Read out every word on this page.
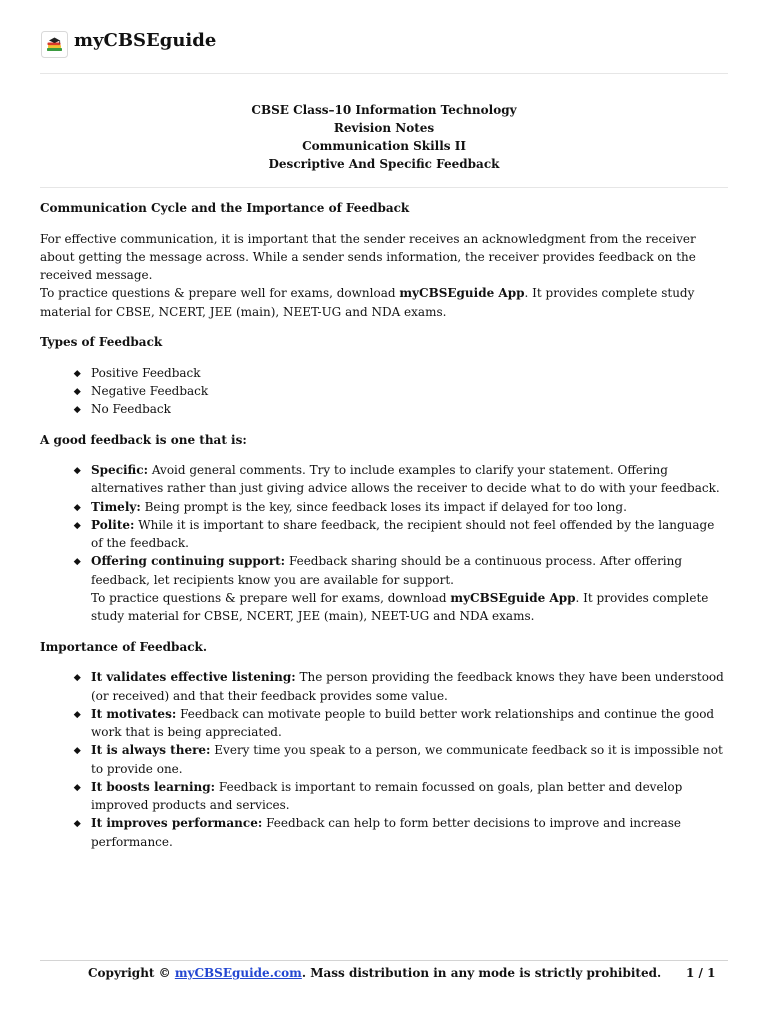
myCBSEguide
CBSE Class–10 Information Technology
Revision Notes
Communication Skills II
Descriptive And Specific Feedback
Communication Cycle and the Importance of Feedback
For effective communication, it is important that the sender receives an acknowledgment from the receiver
about getting the message across. While a sender sends information, the receiver provides feedback on the
received message.
To practice questions & prepare well for exams, download myCBSEguide App. It provides complete study
material for CBSE, NCERT, JEE (main), NEET-UG and NDA exams.
Types of Feedback
Positive Feedback
Negative Feedback
No Feedback
A good feedback is one that is:
Specific: Avoid general comments. Try to include examples to clarify your statement. Offering
alternatives rather than just giving advice allows the receiver to decide what to do with your feedback.
Timely: Being prompt is the key, since feedback loses its impact if delayed for too long.
Polite: While it is important to share feedback, the recipient should not feel offended by the language
of the feedback.
Offering continuing support: Feedback sharing should be a continuous process. After offering
feedback, let recipients know you are available for support.
To practice questions & prepare well for exams, download myCBSEguide App. It provides complete
study material for CBSE, NCERT, JEE (main), NEET-UG and NDA exams.
Importance of Feedback.
It validates effective listening: The person providing the feedback knows they have been understood
(or received) and that their feedback provides some value.
It motivates: Feedback can motivate people to build better work relationships and continue the good
work that is being appreciated.
It is always there: Every time you speak to a person, we communicate feedback so it is impossible not
to provide one.
It boosts learning: Feedback is important to remain focussed on goals, plan better and develop
improved products and services.
It improves performance: Feedback can help to form better decisions to improve and increase
performance.
Copyright © myCBSEguide.com. Mass distribution in any mode is strictly prohibited. 1 / 1
